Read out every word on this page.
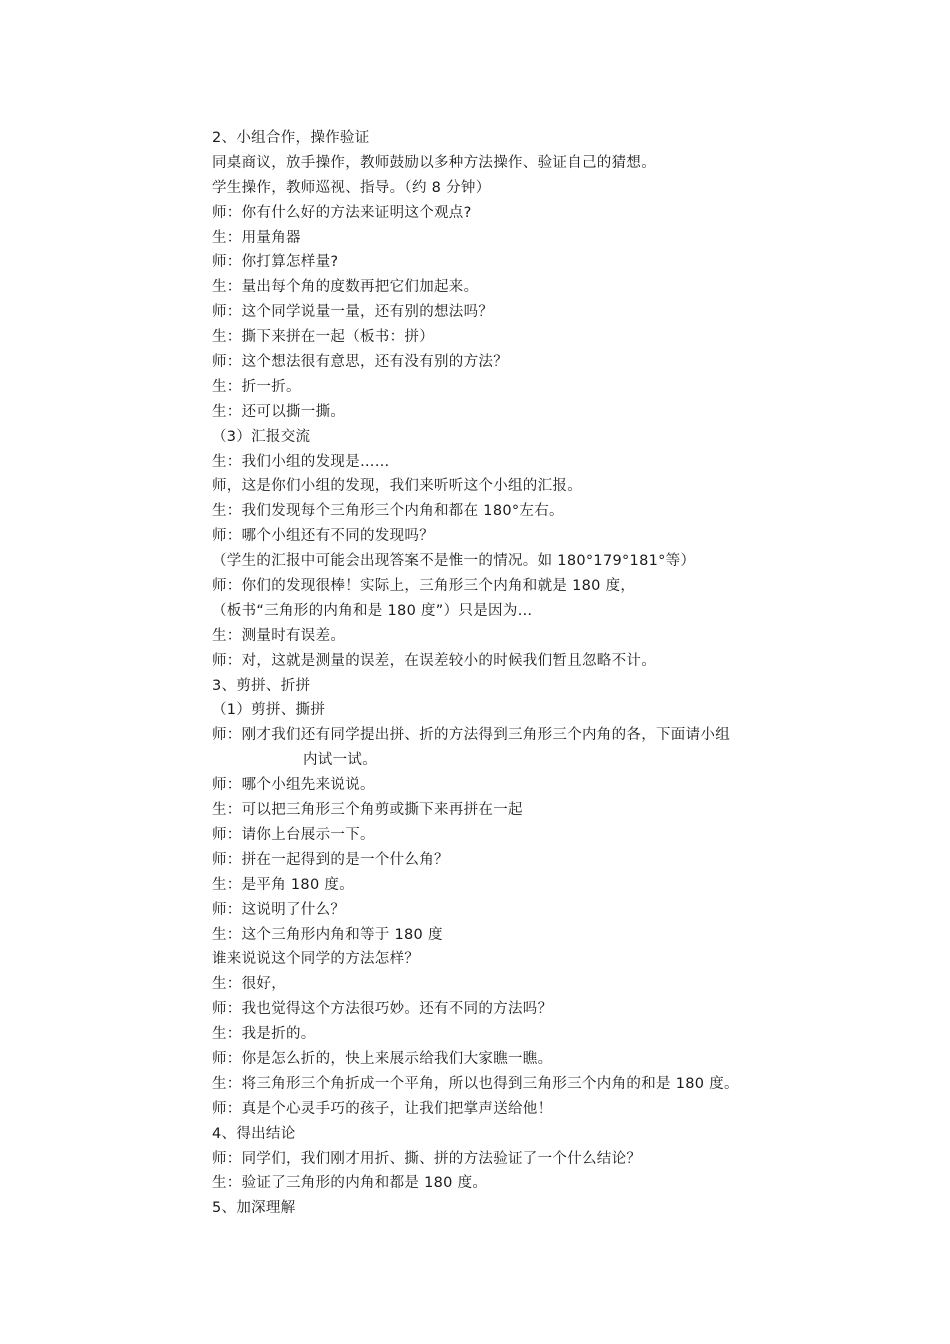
2、小组合作，操作验证
同桌商议，放手操作，教师鼓励以多种方法操作、验证自己的猜想。
学生操作，教师巡视、指导。（约 8 分钟）
师：你有什么好的方法来证明这个观点?
生：用量角器
师：你打算怎样量?
生：量出每个角的度数再把它们加起来。
师：这个同学说量一量，还有别的想法吗？
生：撕下来拼在一起（板书：拼）
师：这个想法很有意思，还有没有别的方法？
生：折一折。
生：还可以撕一撕。
（3）汇报交流
生：我们小组的发现是……
师，这是你们小组的发现，我们来听听这个小组的汇报。
生：我们发现每个三角形三个内角和都在 180°左右。
师：哪个小组还有不同的发现吗？
（学生的汇报中可能会出现答案不是惟一的情况。如 180°179°181°等）
师：你们的发现很棒！实际上，三角形三个内角和就是 180 度，
（板书“三角形的内角和是 180 度”）只是因为…
生：测量时有误差。
师：对，这就是测量的误差，在误差较小的时候我们暂且忽略不计。
3、剪拼、折拼
（1）剪拼、撕拼
师：刚才我们还有同学提出拼、折的方法得到三角形三个内角的各，下面请小组
内试一试。
师：哪个小组先来说说。
生：可以把三角形三个角剪或撕下来再拼在一起
师：请你上台展示一下。
师：拼在一起得到的是一个什么角？
生：是平角 180 度。
师：这说明了什么？
生：这个三角形内角和等于 180 度
谁来说说这个同学的方法怎样？
生：很好，
师：我也觉得这个方法很巧妙。还有不同的方法吗？
生：我是折的。
师：你是怎么折的，快上来展示给我们大家瞧一瞧。
生：将三角形三个角折成一个平角，所以也得到三角形三个内角的和是 180 度。
师：真是个心灵手巧的孩子，让我们把掌声送给他！
4、得出结论
师：同学们，我们刚才用折、撕、拼的方法验证了一个什么结论？
生：验证了三角形的内角和都是 180 度。
5、加深理解
